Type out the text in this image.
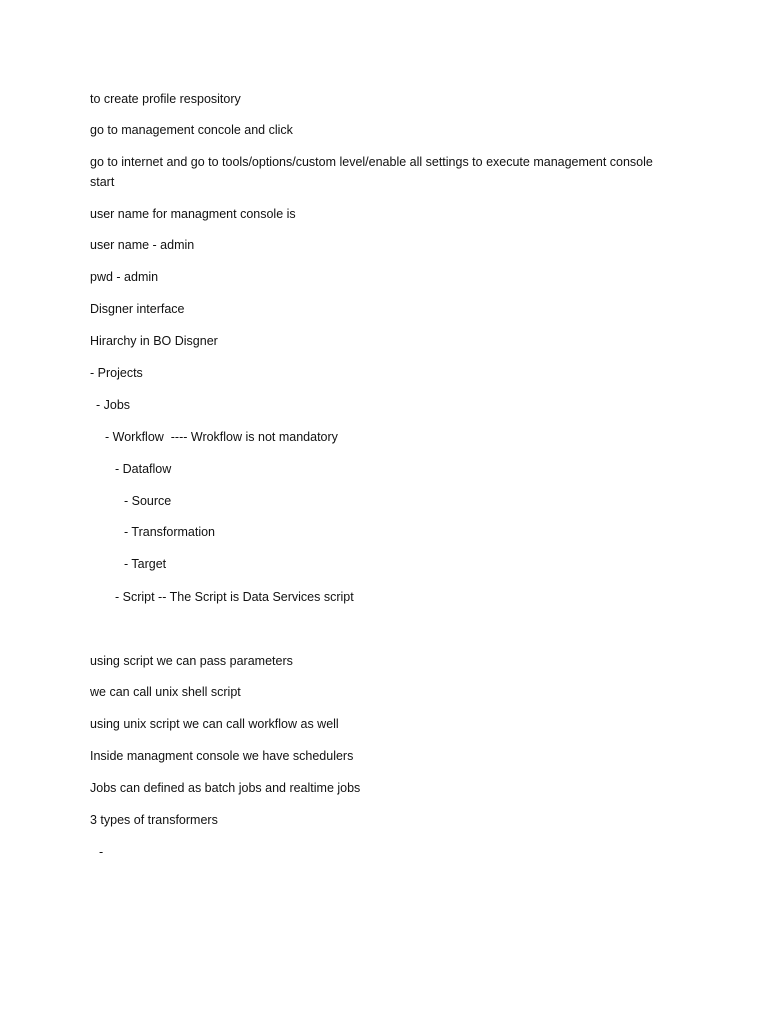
to create profile respository
go to management concole and click
go to internet and go to tools/options/custom level/enable all settings to execute management console
start
user name for managment console is
user name - admin
pwd - admin
Disgner interface
Hirarchy in BO Disgner
- Projects
- Jobs
- Workflow  ---- Wrokflow is not mandatory
- Dataflow
- Source
- Transformation
- Target
- Script -- The Script is Data Services script
using script we can pass parameters
we can call unix shell script
using unix script we can call workflow as well
Inside managment console we have schedulers
Jobs can defined as batch jobs and realtime jobs
3 types of transformers
-
